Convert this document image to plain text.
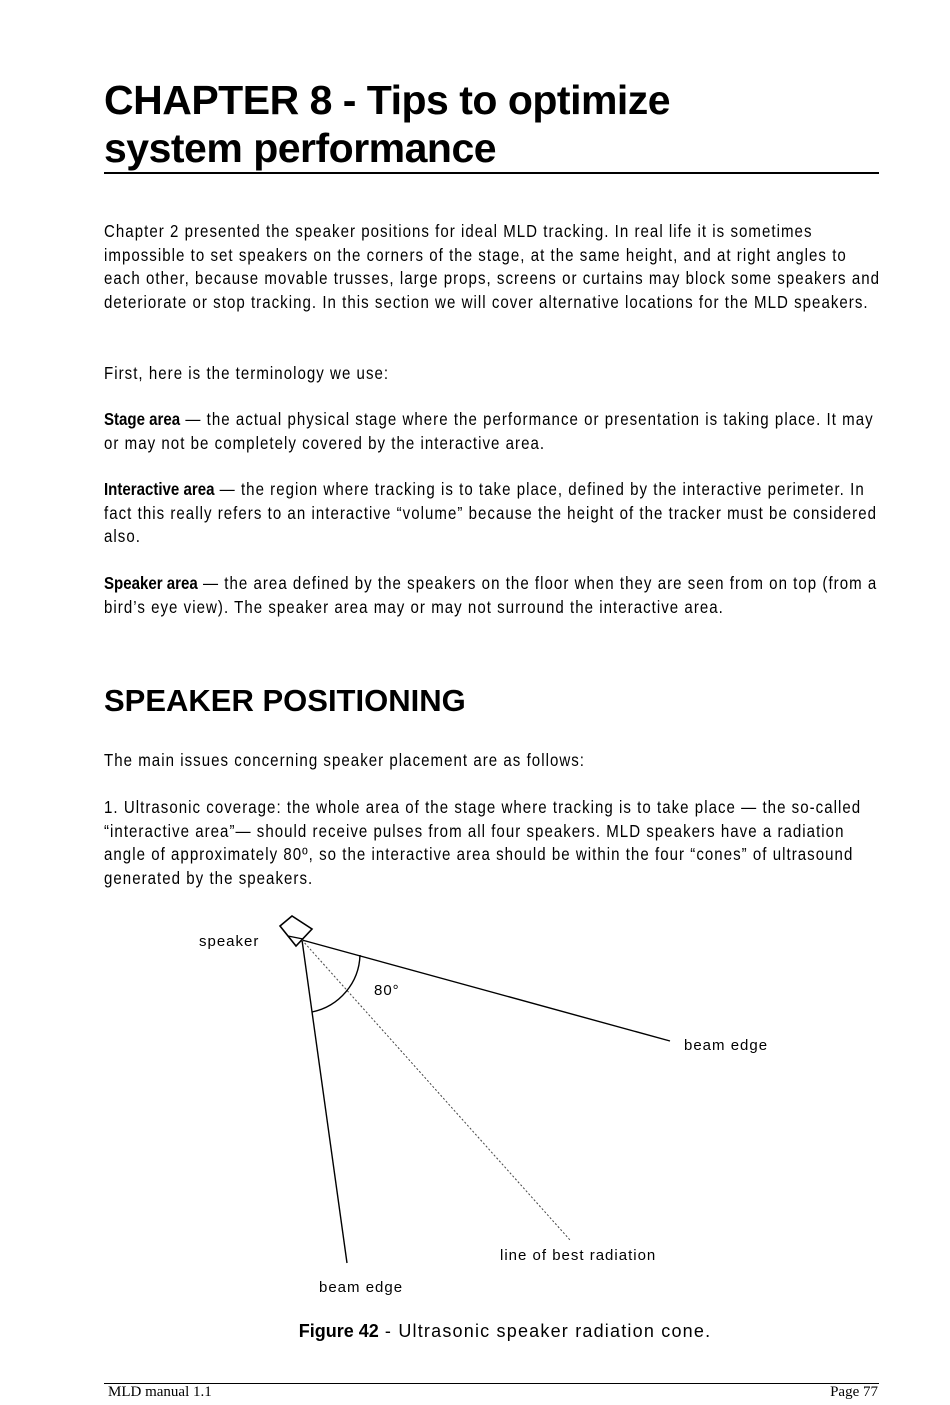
CHAPTER 8 - Tips to optimize
system performance

Chapter 2 presented the speaker positions for ideal MLD tracking. In real life it is sometimes impossible to set speakers on the corners of the stage, at the same height, and at right angles to each other, because movable trusses, large props, screens or curtains may block some speakers and deteriorate or stop tracking. In this section we will cover alternative locations for the MLD speakers.

First, here is the terminology we use:

Stage area — the actual physical stage where the performance or presentation is taking place. It may or may not be completely covered by the interactive area.

Interactive area — the region where tracking is to take place, defined by the interactive perimeter. In fact this really refers to an interactive “volume” because the height of the tracker must be considered also.

Speaker area — the area defined by the speakers on the floor when they are seen from on top (from a bird’s eye view). The speaker area may or may not surround the interactive area.

SPEAKER POSITIONING

The main issues concerning speaker placement are as follows:

1. Ultrasonic coverage: the whole area of the stage where tracking is to take place — the so-called “interactive area”— should receive pulses from all four speakers. MLD speakers have a radiation angle of approximately 80º, so the interactive area should be within the four “cones” of ultrasound generated by the speakers.

speaker
80°
beam edge
line of best radiation
beam edge
Figure 42 - Ultrasonic speaker radiation cone.
MLD manual 1.1	Page 77
